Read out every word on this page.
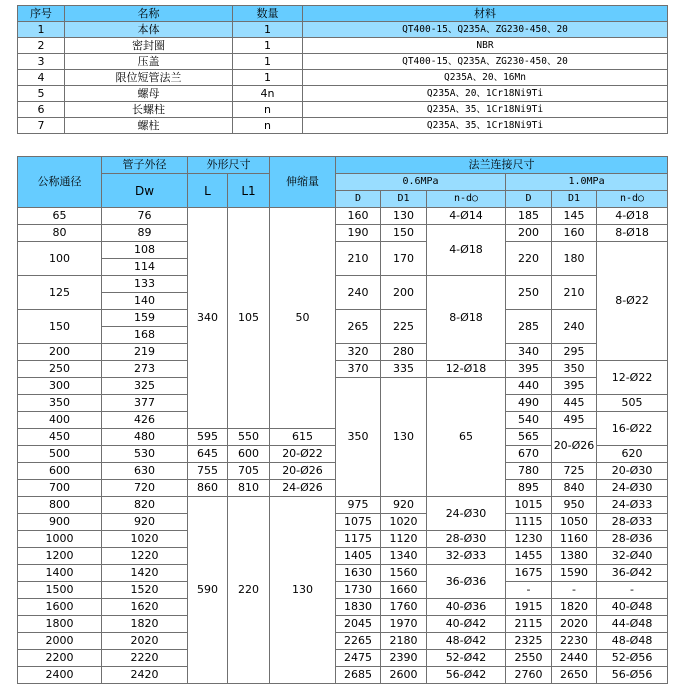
序号	名称	数量	材料
1	本体	1	QT400-15、Q235A、ZG230-450、20
2	密封圈	1	NBR
3	压盖	1	QT400-15、Q235A、ZG230-450、20
4	限位短管法兰	1	Q235A、20、16Mn
5	螺母	4n	Q235A、20、1Cr18Ni9Ti
6	长螺柱	n	Q235A、35、1Cr18Ni9Ti
7	螺柱	n	Q235A、35、1Cr18Ni9Ti
公称通径	管子外径	外形尺寸		伸缩量	法兰连接尺寸						
	Dw	L	L1		0.6MPa			1.0MPa			
					D	D1	n-d○	D	D1	n-d○	
65	76	340	105	50	160	130	4-Ø14	185	145	4-Ø18	
80	89				190	150	4-Ø18	200	160	8-Ø18	
100	108				210	170		220	180	8-Ø22	
	114										
125	133				240	200	8-Ø18	250	210		
	140										
150	159				265	225		285	240		
	168										
200	219				320	280		340	295		
250	273				370	335	12-Ø18	395	350	12-Ø22	
300	325				350	130	65	440	395			
350	377							490	445	505		
400	426							540	495	16-Ø22			
450	480	595	550	615				565	20-Ø26		
500	530	645	600	20-Ø22				670		620	
600	630	755	705	20-Ø26				780	725	20-Ø30	
700	720	860	810	24-Ø26				895	840	24-Ø30	
800	820	590	220	130	975	920	24-Ø30	1015	950	24-Ø33	
900	920				1075	1020		1115	1050	28-Ø33	
1000	1020				1175	1120	28-Ø30	1230	1160	28-Ø36	
1200	1220				1405	1340	32-Ø33	1455	1380	32-Ø40	
1400	1420				1630	1560	36-Ø36	1675	1590	36-Ø42	
1500	1520				1730	1660		-	-	-	
1600	1620				1830	1760	40-Ø36	1915	1820	40-Ø48	
1800	1820				2045	1970	40-Ø42	2115	2020	44-Ø48	
2000	2020				2265	2180	48-Ø42	2325	2230	48-Ø48	
2200	2220				2475	2390	52-Ø42	2550	2440	52-Ø56	
2400	2420				2685	2600	56-Ø42	2760	2650	56-Ø56	
